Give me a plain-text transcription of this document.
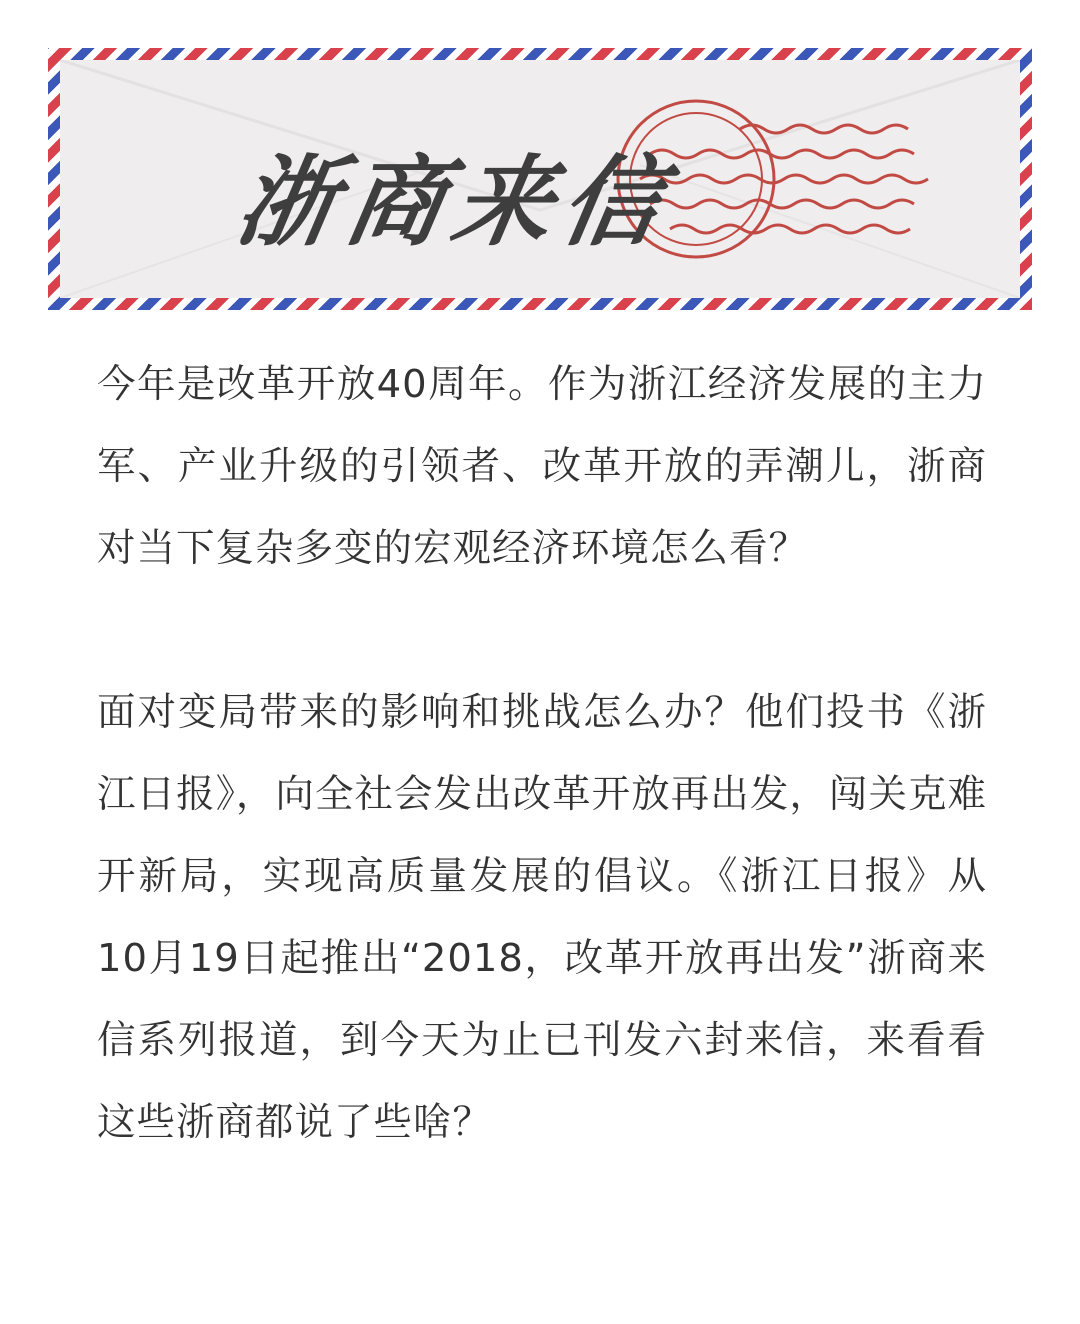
浙商来信

今年是改革开放40周年。作为浙江经济发展的主力军、产业升级的引领者、改革开放的弄潮儿，浙商对当下复杂多变的宏观经济环境怎么看？

面对变局带来的影响和挑战怎么办？他们投书《浙江日报》，向全社会发出改革开放再出发，闯关克难开新局，实现高质量发展的倡议。《浙江日报》从10月19日起推出“2018，改革开放再出发”浙商来信系列报道，到今天为止已刊发六封来信，来看看这些浙商都说了些啥？
